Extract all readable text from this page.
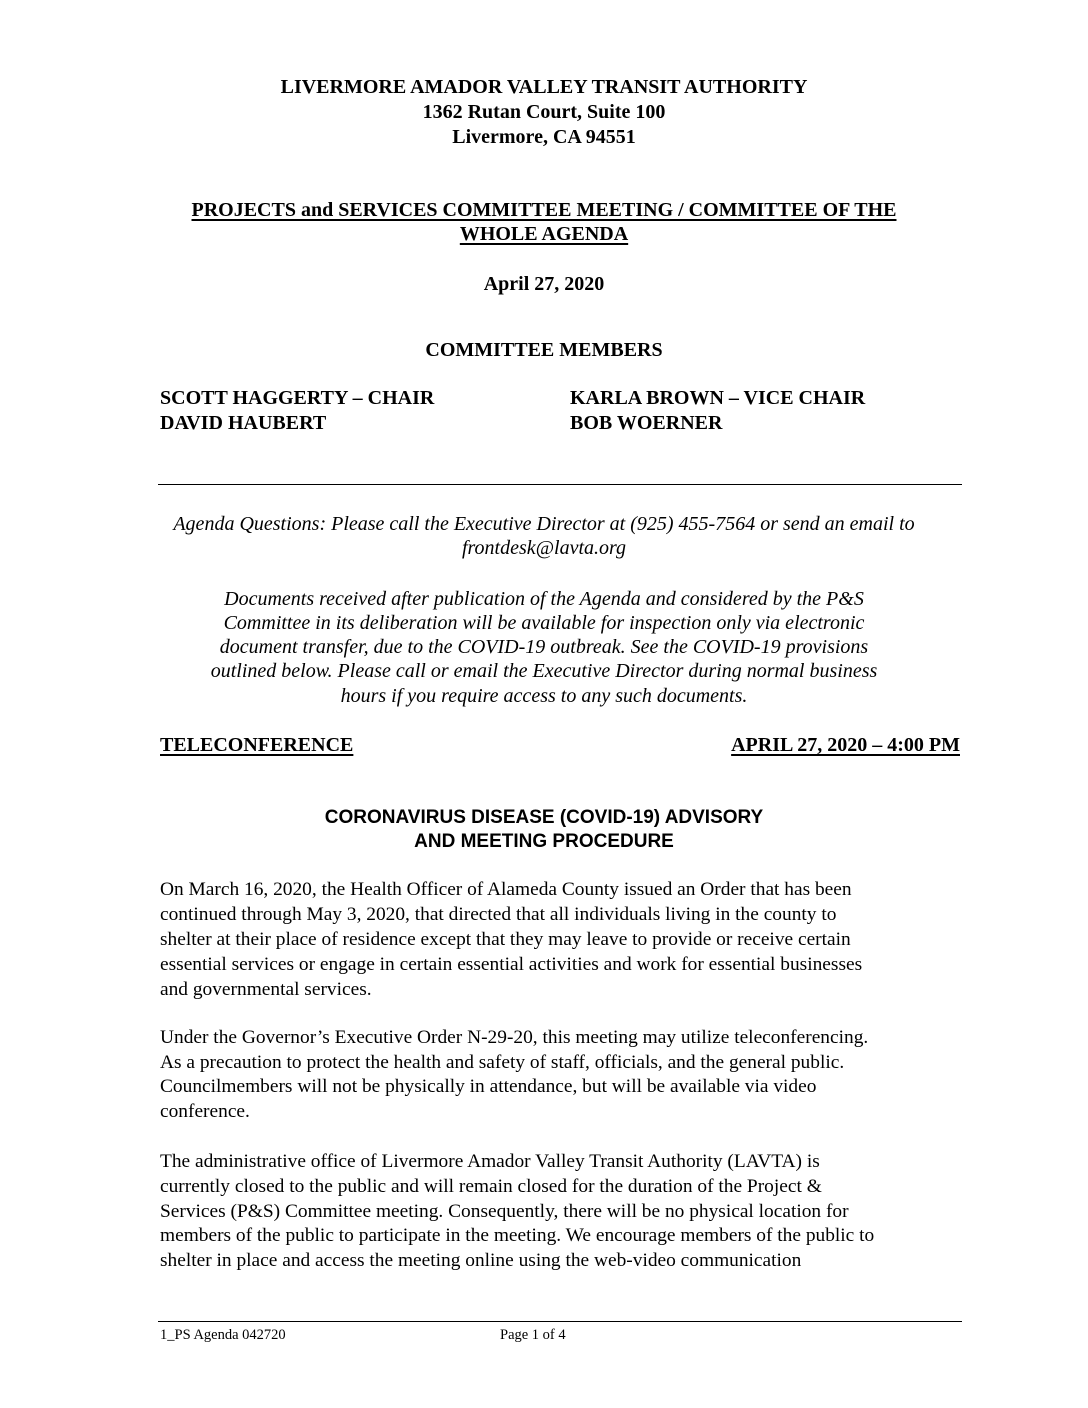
LIVERMORE AMADOR VALLEY TRANSIT AUTHORITY
1362 Rutan Court, Suite 100
Livermore, CA 94551
PROJECTS and SERVICES COMMITTEE MEETING / COMMITTEE OF THE
WHOLE AGENDA
April 27, 2020
COMMITTEE MEMBERS
SCOTT HAGGERTY – CHAIR	KARLA BROWN – VICE CHAIR
DAVID HAUBERT	BOB WOERNER
Agenda Questions: Please call the Executive Director at (925) 455-7564 or send an email to
frontdesk@lavta.org
Documents received after publication of the Agenda and considered by the P&S
Committee in its deliberation will be available for inspection only via electronic
document transfer, due to the COVID-19 outbreak. See the COVID-19 provisions
outlined below. Please call or email the Executive Director during normal business
hours if you require access to any such documents.
TELECONFERENCE	APRIL 27, 2020 – 4:00 PM
CORONAVIRUS DISEASE (COVID-19) ADVISORY
AND MEETING PROCEDURE
On March 16, 2020, the Health Officer of Alameda County issued an Order that has been
continued through May 3, 2020, that directed that all individuals living in the county to
shelter at their place of residence except that they may leave to provide or receive certain
essential services or engage in certain essential activities and work for essential businesses
and governmental services.
Under the Governor’s Executive Order N-29-20, this meeting may utilize teleconferencing.
As a precaution to protect the health and safety of staff, officials, and the general public.
Councilmembers will not be physically in attendance, but will be available via video
conference.
The administrative office of Livermore Amador Valley Transit Authority (LAVTA) is
currently closed to the public and will remain closed for the duration of the Project &
Services (P&S) Committee meeting. Consequently, there will be no physical location for
members of the public to participate in the meeting. We encourage members of the public to
shelter in place and access the meeting online using the web-video communication
1_PS Agenda 042720	Page 1 of 4
